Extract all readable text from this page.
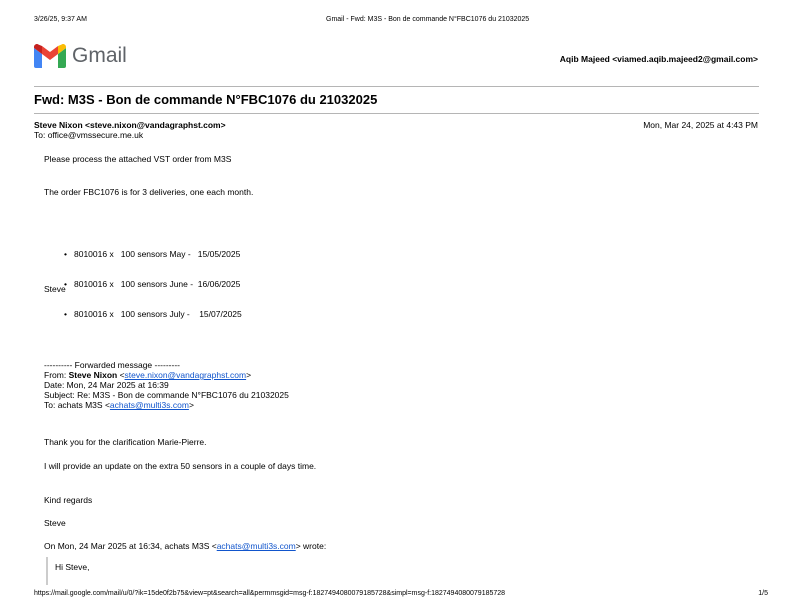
3/26/25, 9:37 AM	Gmail - Fwd: M3S - Bon de commande N°FBC1076 du 21032025
Gmail	Aqib Majeed <viamed.aqib.majeed2@gmail.com>
Fwd: M3S - Bon de commande N°FBC1076 du 21032025
Steve Nixon <steve.nixon@vandagraphst.com>	Mon, Mar 24, 2025 at 4:43 PM
To: office@vmssecure.me.uk
Please process the attached VST order from M3S
The order FBC1076 is for 3 deliveries, one each month.

• 8010016 x   100 sensors May -   15/05/2025

• 8010016 x   100 sensors June -  16/06/2025

• 8010016 x   100 sensors July -    15/07/2025

Steve
---------- Forwarded message ---------
From: Steve Nixon <steve.nixon@vandagraphst.com>
Date: Mon, 24 Mar 2025 at 16:39
Subject: Re: M3S - Bon de commande N°FBC1076 du 21032025
To: achats M3S <achats@multi3s.com>
Thank you for the clarification Marie-Pierre.
I will provide an update on the extra 50 sensors in a couple of days time.
Kind regards
Steve
On Mon, 24 Mar 2025 at 16:34, achats M3S <achats@multi3s.com> wrote:
Hi Steve,
https://mail.google.com/mail/u/0/?ik=15de0f2b75&view=pt&search=all&permmsgid=msg-f:1827494080079185728&simpl=msg-f:1827494080079185728	1/5
